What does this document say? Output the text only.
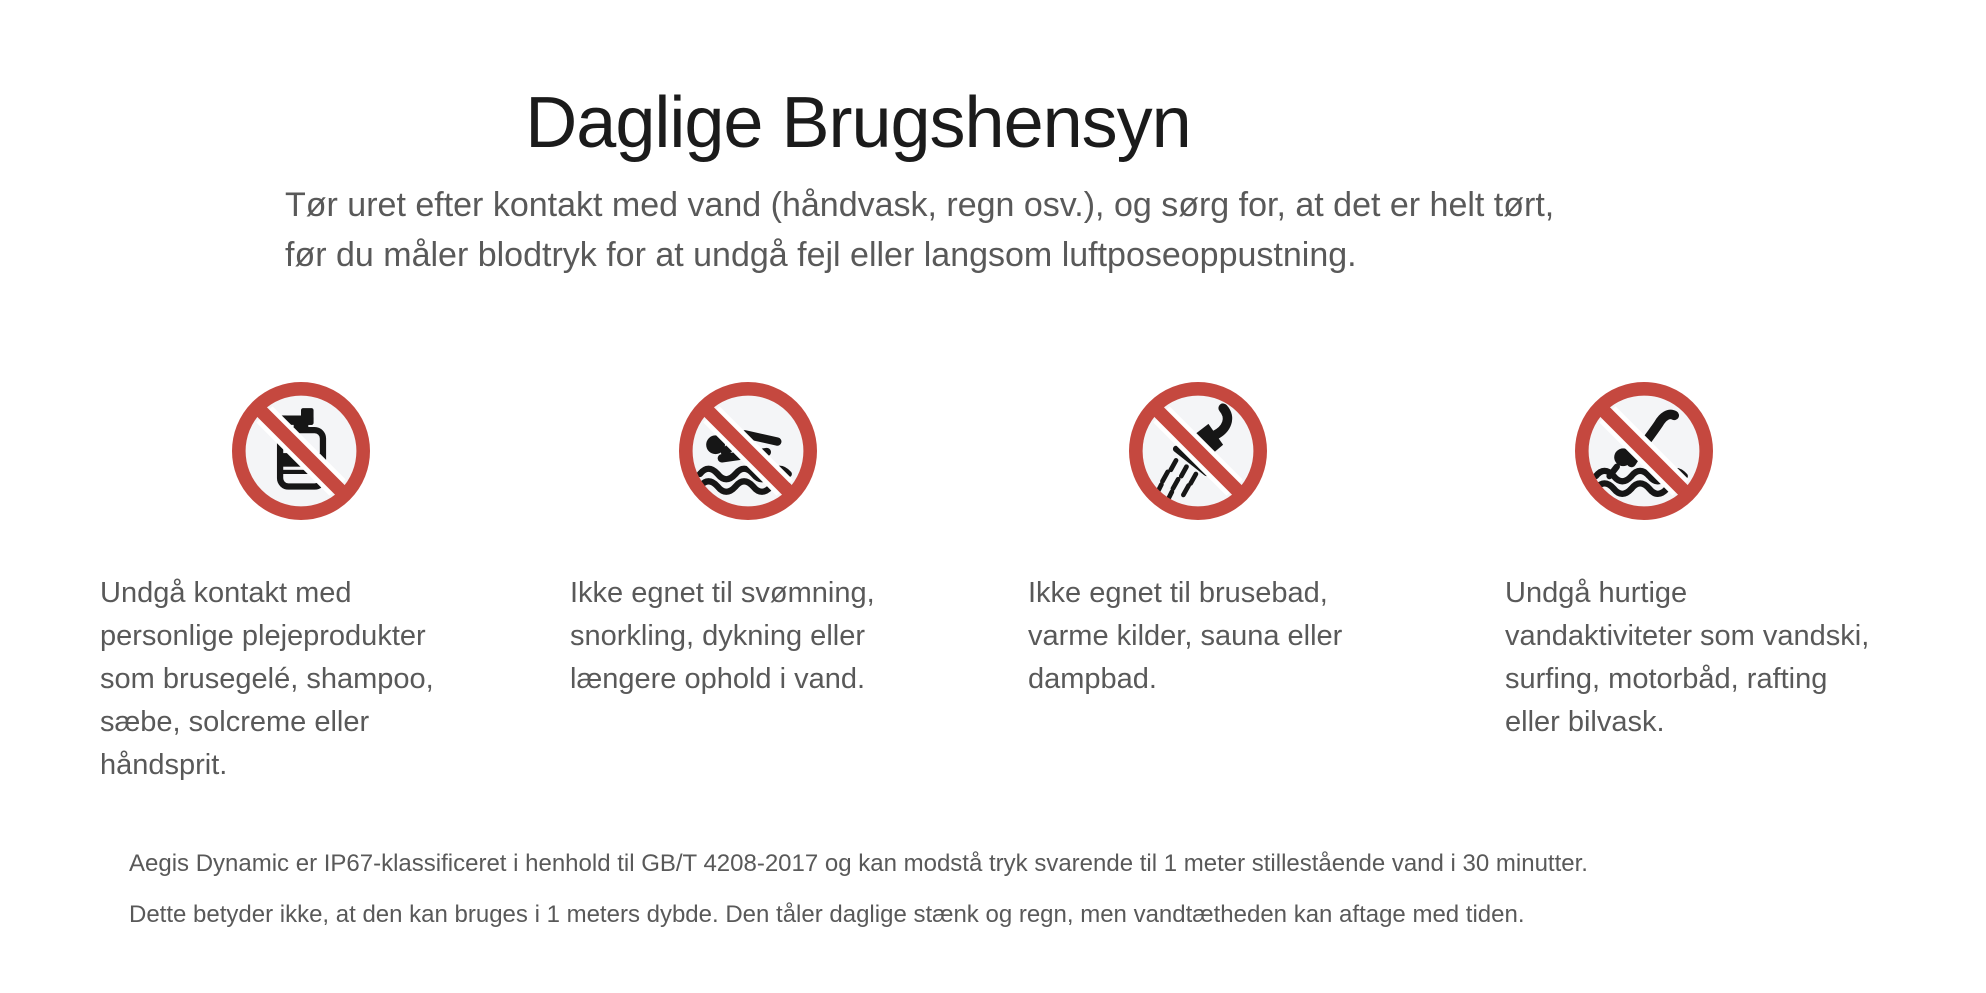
Daglige Brugshensyn

Tør uret efter kontakt med vand (håndvask, regn osv.), og sørg for, at det er helt tørt,
før du måler blodtryk for at undgå fejl eller langsom luftposeoppustning.

Undgå kontakt med personlige plejeprodukter som brusegelé, shampoo, sæbe, solcreme eller håndsprit.
Ikke egnet til svømning, snorkling, dykning eller længere ophold i vand.
Ikke egnet til brusebad, varme kilder, sauna eller dampbad.
Undgå hurtige vandaktiviteter som vandski, surfing, motorbåd, rafting eller bilvask.
Aegis Dynamic er IP67-klassificeret i henhold til GB/T 4208-2017 og kan modstå tryk svarende til 1 meter stillestående vand i 30 minutter.
Dette betyder ikke, at den kan bruges i 1 meters dybde. Den tåler daglige stænk og regn, men vandtætheden kan aftage med tiden.
